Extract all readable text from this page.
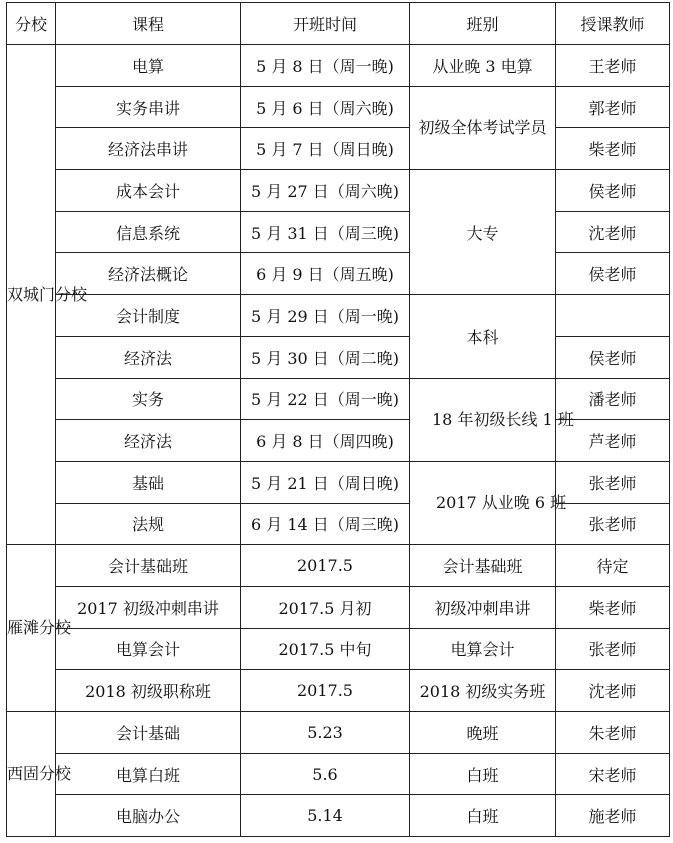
分校	课程	开班时间	班别	授课教师
双城门分校	电算	5 月 8 日（周一晚)	从业晚 3 电算	王老师
	实务串讲	5 月 6 日（周六晚)	初级全体考试学员	郭老师
	经济法串讲	5 月 7 日（周日晚)		柴老师
	成本会计	5 月 27 日（周六晚)	大专	侯老师
	信息系统	5 月 31 日（周三晚)		沈老师
	经济法概论	6 月 9 日（周五晚)		侯老师
	会计制度	5 月 29 日（周一晚)	本科	
	经济法	5 月 30 日（周二晚)		侯老师
	实务	5 月 22 日（周一晚)	18 年初级长线 1 班	潘老师
	经济法	6 月 8 日（周四晚)		芦老师
	基础	5 月 21 日（周日晚)	2017 从业晚 6 班	张老师
	法规	6 月 14 日（周三晚)		张老师
雁滩分校	会计基础班	2017.5	会计基础班	待定
	2017 初级冲刺串讲	2017.5 月初	初级冲刺串讲	柴老师
	电算会计	2017.5 中旬	电算会计	张老师
	2018 初级职称班	2017.5	2018 初级实务班	沈老师
西固分校	会计基础	5.23	晚班	朱老师
	电算白班	5.6	白班	宋老师
	电脑办公	5.14	白班	施老师
